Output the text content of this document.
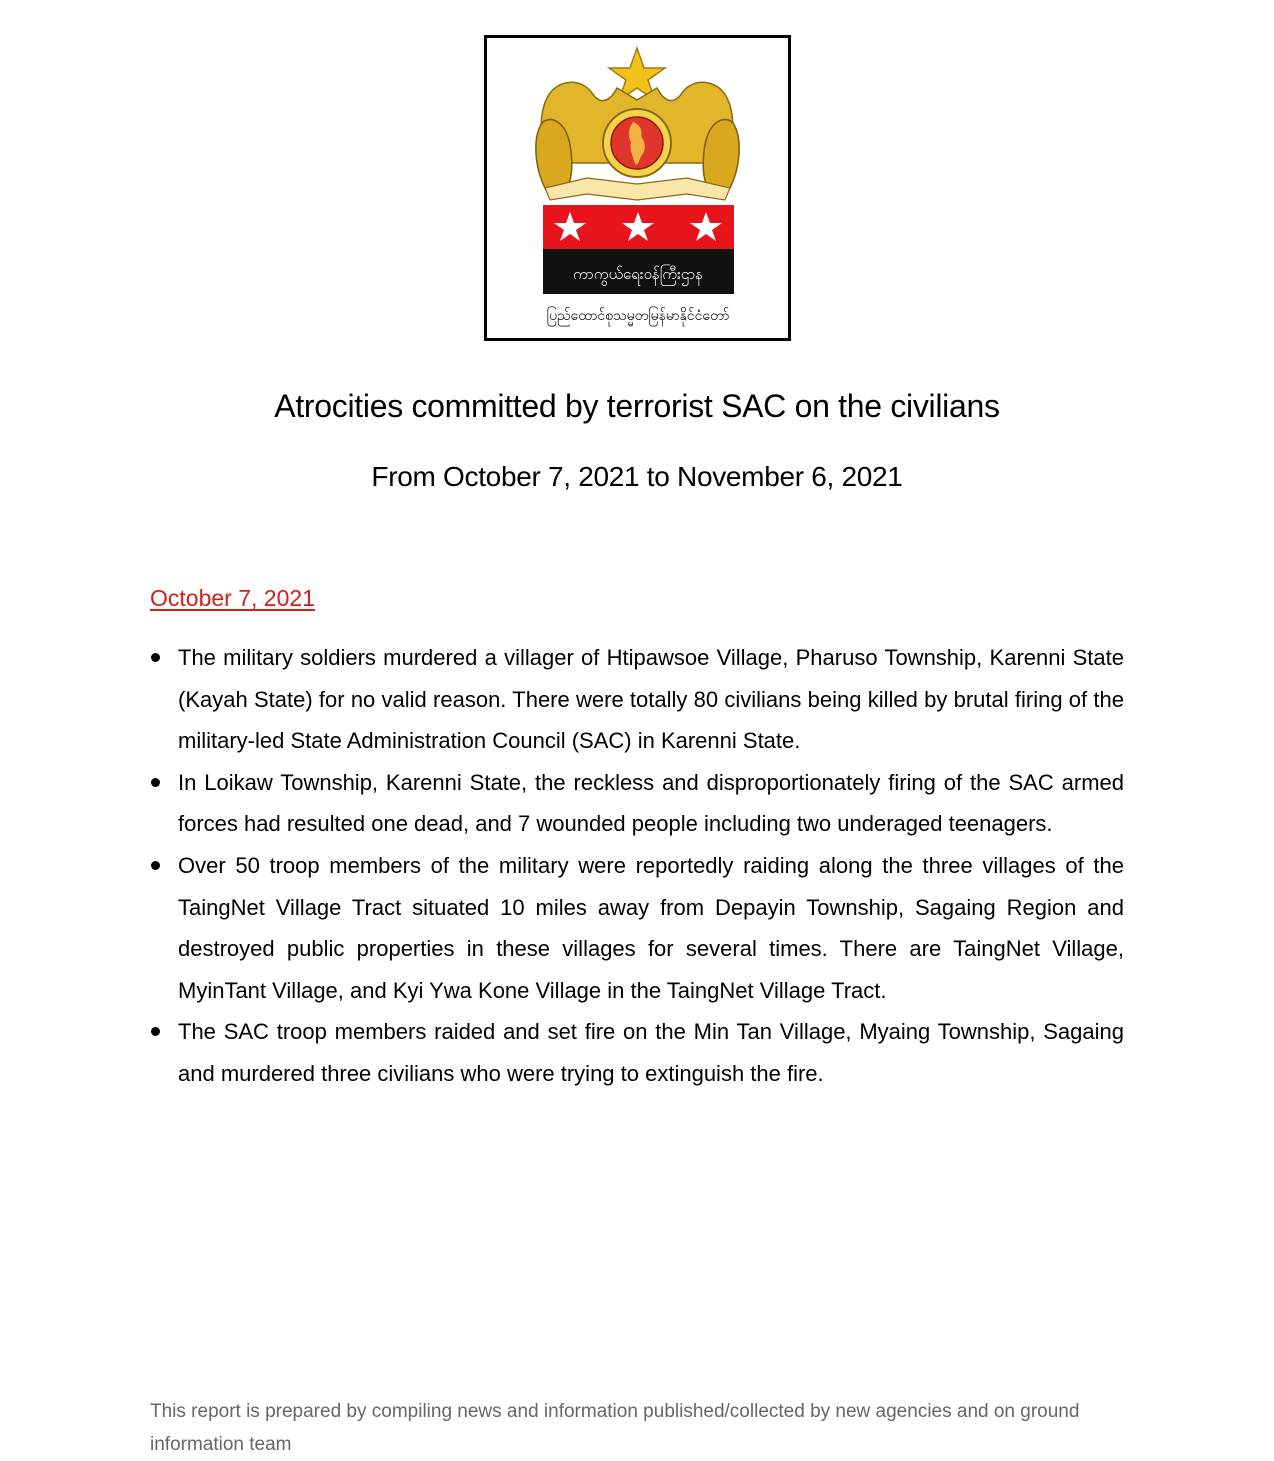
ကာကွယ်ရေးဝန်ကြီးဌာန
ပြည်ထောင်စုသမ္မတမြန်မာနိုင်ငံတော်
Atrocities committed by terrorist SAC on the civilians
From October 7, 2021 to November 6, 2021
October 7, 2021
The military soldiers murdered a villager of Htipawsoe Village, Pharuso Township, Karenni State (Kayah State) for no valid reason. There were totally 80 civilians being killed by brutal firing of the military-led State Administration Council (SAC) in Karenni State.
In Loikaw Township, Karenni State, the reckless and disproportionately firing of the SAC armed forces had resulted one dead, and 7 wounded people including two underaged teenagers.
Over 50 troop members of the military were reportedly raiding along the three villages of the TaingNet Village Tract situated 10 miles away from Depayin Township, Sagaing Region and destroyed public properties in these villages for several times. There are TaingNet Village, MyinTant Village, and Kyi Ywa Kone Village in the TaingNet Village Tract.
The SAC troop members raided and set fire on the Min Tan Village, Myaing Township, Sagaing and murdered three civilians who were trying to extinguish the fire.
This report is prepared by compiling news and information published/collected by new agencies and on ground information team
